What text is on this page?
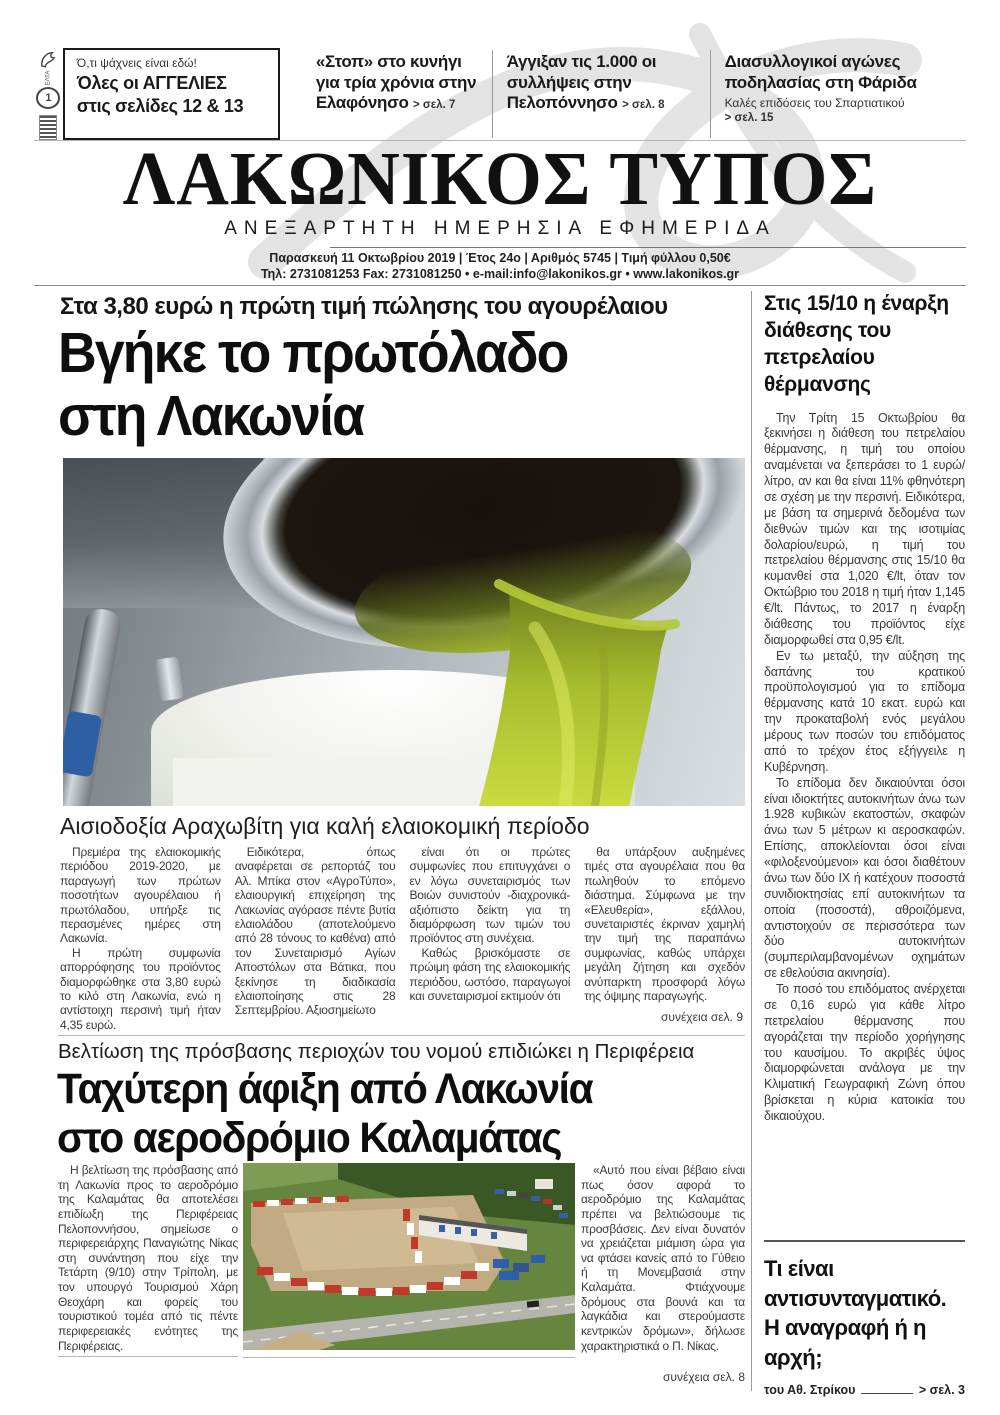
ΕΛΤΑ
1
Ό,τι ψάχνεις είναι εδώ!
Όλες οι ΑΓΓΕΛΙΕΣ
στις σελίδες 12 & 13
«Στοπ» στο κυνήγι για τρία χρόνια στην Ελαφόνησο > σελ. 7
Άγγιξαν τις 1.000 οι συλλήψεις στην Πελοπόννησο > σελ. 8
Διασυλλογικοί αγώνες ποδηλασίας στη Φάριδα
Καλές επιδόσεις του Σπαρτιατικού > σελ. 15
ΛΑΚΩΝΙΚΟΣ ΤΥΠΟΣ
ΑΝΕΞΑΡΤΗΤΗ ΗΜΕΡΗΣΙΑ ΕΦΗΜΕΡΙΔΑ
Παρασκευή 11 Οκτωβρίου 2019 | Έτος 24ο | Αριθμός 5745 | Τιμή φύλλου 0,50€
Τηλ: 2731081253 Fax: 2731081250 • e-mail:info@lakonikos.gr • www.lakonikos.gr
Στα 3,80 ευρώ η πρώτη τιμή πώλησης του αγουρέλαιου
Βγήκε το πρωτόλαδο
στη Λακωνία
Αισιοδοξία Αραχωβίτη για καλή ελαιοκομική περίοδο

Πρεμιέρα της ελαιοκομικής περιόδου 2019-2020, με παραγωγή των πρώτων ποσοτήτων αγουρέλαιου ή πρωτόλαδου, υπήρξε τις περασμένες ημέρες στη Λακωνία.

Η πρώτη συμφωνία απορρόφησης του προϊόντος διαμορφώθηκε στα 3,80 ευρώ το κιλό στη Λακωνία, ενώ η αντίστοιχη περσινή τιμή ήταν 4,35 ευρώ.

Ειδικότερα, όπως αναφέρεται σε ρεπορτάζ του Αλ. Μπίκα στον «ΑγροΤύπο», ελαιουργική επιχείρηση της Λακωνίας αγόρασε πέντε βυτία ελαιολάδου (αποτελούμενο από 28 τόνους το καθένα) από τον Συνεταιρισμό Αγίων Αποστόλων στα Βάτικα, που ξεκίνησε τη διαδικασία ελαιοποίησης στις 28 Σεπτεμβρίου. Αξιοσημείωτο

είναι ότι οι πρώτες συμφωνίες που επιτυγχάνει ο εν λόγω συνεταιρισμός των Βοιών συνιστούν -διαχρονικά- αξιόπιστο δείκτη για τη διαμόρφωση των τιμών του προϊόντος στη συνέχεια.

Καθώς βρισκόμαστε σε πρώιμη φάση της ελαιοκομικής περιόδου, ωστόσο, παραγωγοί και συνεταιρισμοί εκτιμούν ότι

θα υπάρξουν αυξημένες τιμές στα αγουρέλαια που θα πωληθούν το επόμενο διάστημα. Σύμφωνα με την «Ελευθερία», εξάλλου, συνεταιριστές έκριναν χαμηλή την τιμή της παραπάνω συμφωνίας, καθώς υπάρχει μεγάλη ζήτηση και σχεδόν ανύπαρκτη προσφορά λόγω της όψιμης παραγωγής.

συνέχεια σελ. 9
Βελτίωση της πρόσβασης περιοχών του νομού επιδιώκει η Περιφέρεια
Ταχύτερη άφιξη από Λακωνία
στο αεροδρόμιο Καλαμάτας

Η βελτίωση της πρόσβασης από τη Λακωνία προς το αεροδρόμιο της Καλαμάτας θα αποτελέσει επιδίωξη της Περιφέρειας Πελοποννήσου, σημείωσε ο περιφερειάρχης Παναγιώτης Νίκας στη συνάντηση που είχε την Τετάρτη (9/10) στην Τρίπολη, με τον υπουργό Τουρισμού Χάρη Θεοχάρη και φορείς του τουριστικού τομέα από τις πέντε περιφερειακές ενότητες της Περιφέρειας.

«Αυτό που είναι βέβαιο είναι πως όσον αφορά το αεροδρόμιο της Καλαμάτας πρέπει να βελτιώσουμε τις προσβάσεις. Δεν είναι δυνατόν να χρειάζεται μιάμιση ώρα για να φτάσει κανείς από το Γύθειο ή τη Μονεμβασιά στην Καλαμάτα. Φτιάχνουμε δρόμους στα βουνά και τα λαγκάδια και στερούμαστε κεντρικών δρόμων», δήλωσε χαρακτηριστικά ο Π. Νίκας.

συνέχεια σελ. 8
Στις 15/10 η έναρξη διάθεσης του πετρελαίου θέρμανσης

Την Τρίτη 15 Οκτωβρίου θα ξεκινήσει η διάθεση του πετρελαίου θέρμανσης, η τιμή του οποίου αναμένεται να ξεπεράσει το 1 ευρώ/λίτρο, αν και θα είναι 11% φθηνότερη σε σχέση με την περσινή. Ειδικότερα, με βάση τα σημερινά δεδομένα των διεθνών τιμών και της ισοτιμίας δολαρίου/ευρώ, η τιμή του πετρελαίου θέρμανσης στις 15/10 θα κυμανθεί στα 1,020 €/lt, όταν τον Οκτώβριο του 2018 η τιμή ήταν 1,145 €/lt. Πάντως, το 2017 η έναρξη διάθεσης του προϊόντος είχε διαμορφωθεί στα 0,95 €/lt.

Εν τω μεταξύ, την αύξηση της δαπάνης του κρατικού προϋπολογισμού για το επίδομα θέρμανσης κατά 10 εκατ. ευρώ και την προκαταβολή ενός μεγάλου μέρους των ποσών του επιδόματος από το τρέχον έτος εξήγγειλε η Κυβέρνηση.

Το επίδομα δεν δικαιούνται όσοι είναι ιδιοκτήτες αυτοκινήτων άνω των 1.928 κυβικών εκατοστών, σκαφών άνω των 5 μέτρων κι αεροσκαφών. Επίσης, αποκλείονται όσοι είναι «φιλοξενούμενοι» και όσοι διαθέτουν άνω των δύο ΙΧ ή κατέχουν ποσοστά συνιδιοκτησίας επί αυτοκινήτων τα οποία (ποσοστά), αθροιζόμενα, αντιστοιχούν σε περισσότερα των δύο αυτοκινήτων (συμπεριλαμβανομένων οχημάτων σε εθελούσια ακινησία).

Το ποσό του επιδόματος ανέρχεται σε 0,16 ευρώ για κάθε λίτρο πετρελαίου θέρμανσης που αγοράζεται την περίοδο χορήγησης του καυσίμου. Το ακριβές ύψος διαμορφώνεται ανάλογα με την Κλιματική Γεωγραφική Ζώνη όπου βρίσκεται η κύρια κατοικία του δικαιούχου.

Τι είναι αντισυνταγματικό. Η αναγραφή ή η αρχή;
του Αθ. Στρίκου	> σελ. 3
